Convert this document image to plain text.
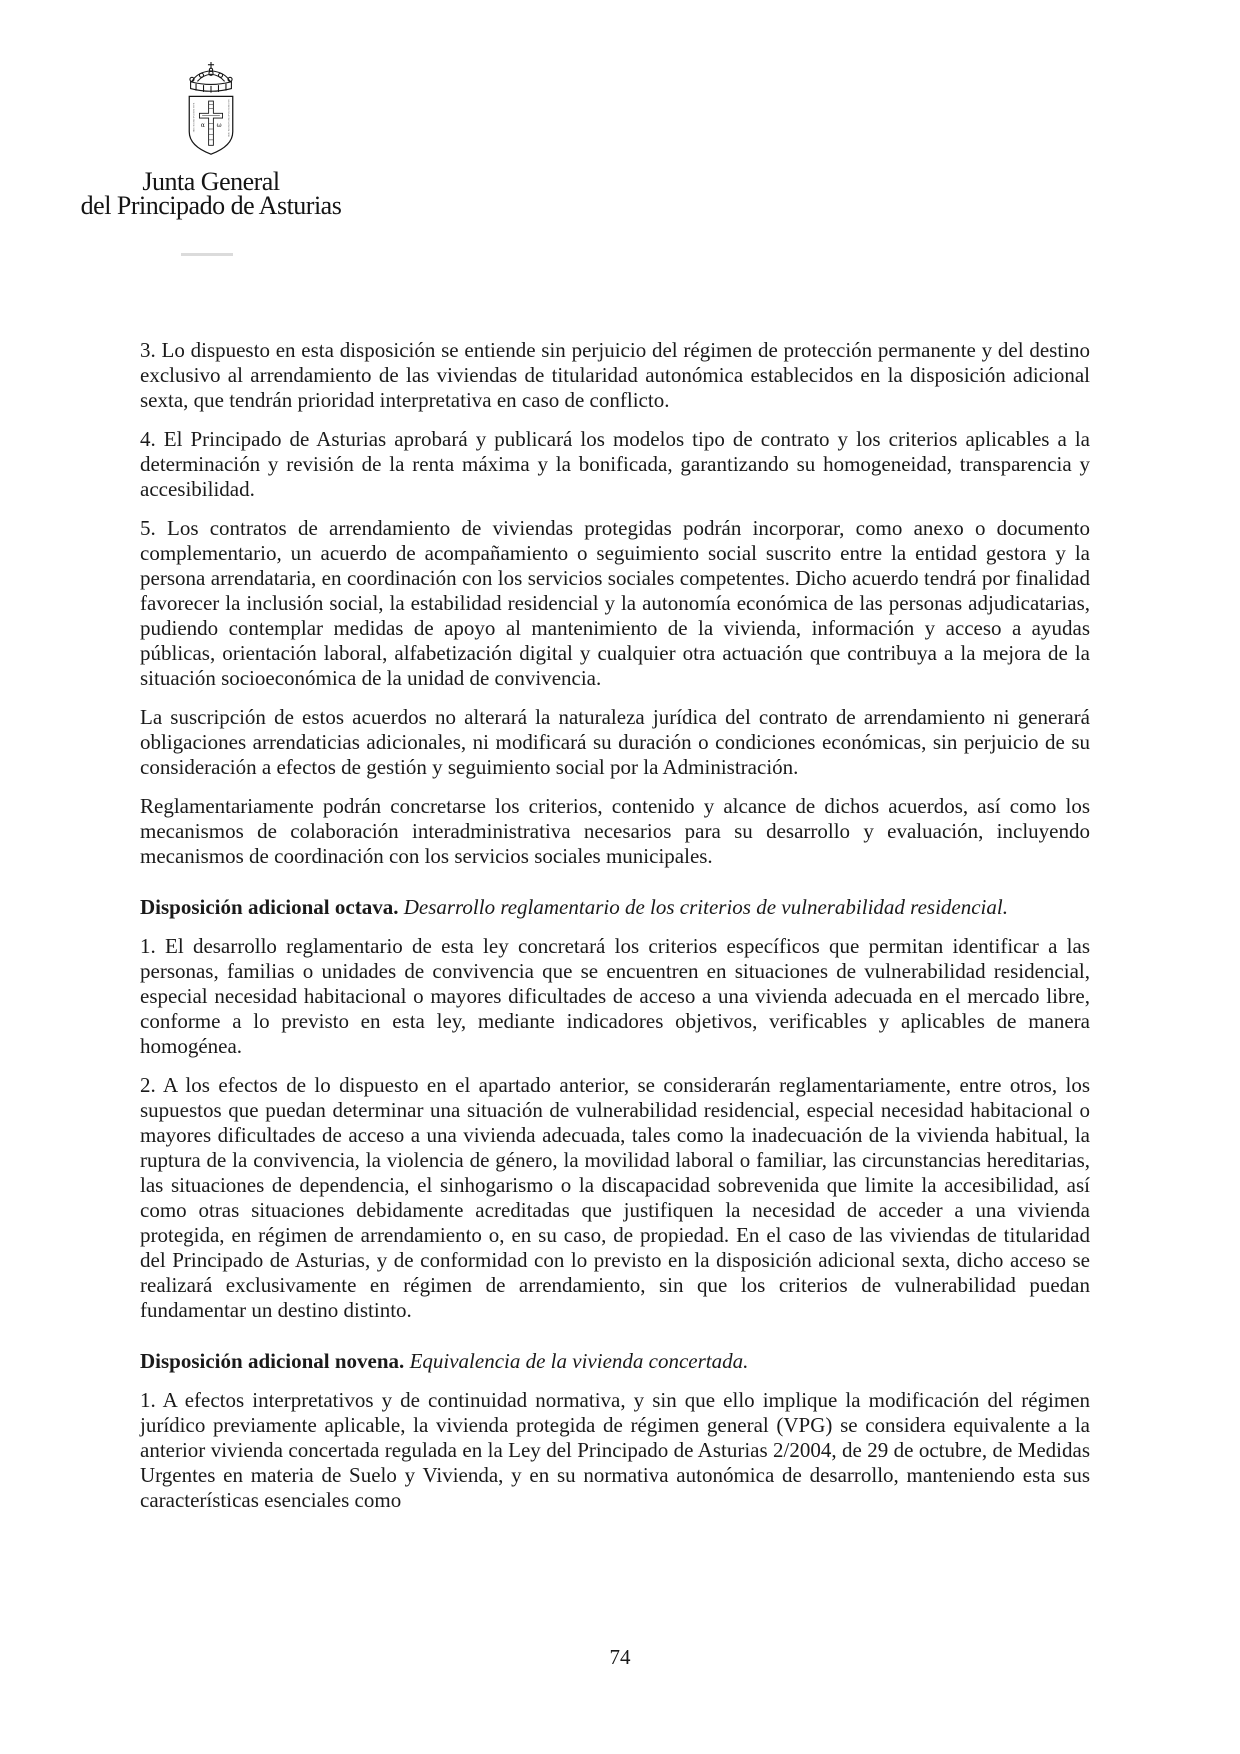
α ω
HOC·SIGNO·TVETVR·PIVS	HOC·SIGNO·VINCITVR·INIMICVS
Junta General
del Principado de Asturias

3. Lo dispuesto en esta disposición se entiende sin perjuicio del régimen de protección permanente y del destino exclusivo al arrendamiento de las viviendas de titularidad autonómica establecidos en la disposición adicional sexta, que tendrán prioridad interpretativa en caso de conflicto.

4. El Principado de Asturias aprobará y publicará los modelos tipo de contrato y los criterios aplicables a la determinación y revisión de la renta máxima y la bonificada, garantizando su homogeneidad, transparencia y accesibilidad.

5. Los contratos de arrendamiento de viviendas protegidas podrán incorporar, como anexo o documento complementario, un acuerdo de acompañamiento o seguimiento social suscrito entre la entidad gestora y la persona arrendataria, en coordinación con los servicios sociales competentes. Dicho acuerdo tendrá por finalidad favorecer la inclusión social, la estabilidad residencial y la autonomía económica de las personas adjudicatarias, pudiendo contemplar medidas de apoyo al mantenimiento de la vivienda, información y acceso a ayudas públicas, orientación laboral, alfabetización digital y cualquier otra actuación que contribuya a la mejora de la situación socioeconómica de la unidad de convivencia.

La suscripción de estos acuerdos no alterará la naturaleza jurídica del contrato de arrendamiento ni generará obligaciones arrendaticias adicionales, ni modificará su duración o condiciones económicas, sin perjuicio de su consideración a efectos de gestión y seguimiento social por la Administración.

Reglamentariamente podrán concretarse los criterios, contenido y alcance de dichos acuerdos, así como los mecanismos de colaboración interadministrativa necesarios para su desarrollo y evaluación, incluyendo mecanismos de coordinación con los servicios sociales municipales.

Disposición adicional octava. Desarrollo reglamentario de los criterios de vulnerabilidad residencial.

1. El desarrollo reglamentario de esta ley concretará los criterios específicos que permitan identificar a las personas, familias o unidades de convivencia que se encuentren en situaciones de vulnerabilidad residencial, especial necesidad habitacional o mayores dificultades de acceso a una vivienda adecuada en el mercado libre, conforme a lo previsto en esta ley, mediante indicadores objetivos, verificables y aplicables de manera homogénea.

2. A los efectos de lo dispuesto en el apartado anterior, se considerarán reglamentariamente, entre otros, los supuestos que puedan determinar una situación de vulnerabilidad residencial, especial necesidad habitacional o mayores dificultades de acceso a una vivienda adecuada, tales como la inadecuación de la vivienda habitual, la ruptura de la convivencia, la violencia de género, la movilidad laboral o familiar, las circunstancias hereditarias, las situaciones de dependencia, el sinhogarismo o la discapacidad sobrevenida que limite la accesibilidad, así como otras situaciones debidamente acreditadas que justifiquen la necesidad de acceder a una vivienda protegida, en régimen de arrendamiento o, en su caso, de propiedad. En el caso de las viviendas de titularidad del Principado de Asturias, y de conformidad con lo previsto en la disposición adicional sexta, dicho acceso se realizará exclusivamente en régimen de arrendamiento, sin que los criterios de vulnerabilidad puedan fundamentar un destino distinto.

Disposición adicional novena. Equivalencia de la vivienda concertada.

1. A efectos interpretativos y de continuidad normativa, y sin que ello implique la modificación del régimen jurídico previamente aplicable, la vivienda protegida de régimen general (VPG) se considera equivalente a la anterior vivienda concertada regulada en la Ley del Principado de Asturias 2/2004, de 29 de octubre, de Medidas Urgentes en materia de Suelo y Vivienda, y en su normativa autonómica de desarrollo, manteniendo esta sus características esenciales como

74
